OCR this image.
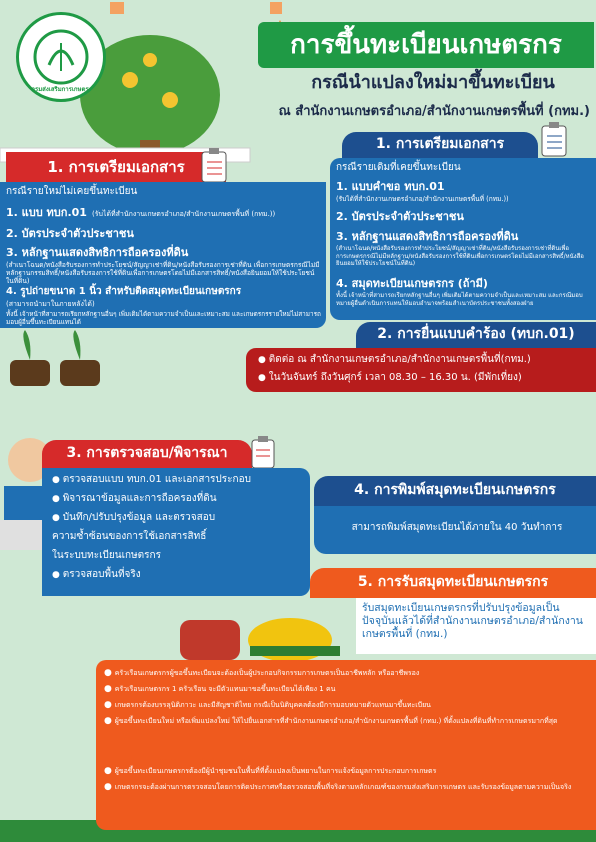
กรมส่งเสริมการเกษตร
การขึ้นทะเบียนเกษตรกร
กรณีนำแปลงใหม่มาขึ้นทะเบียน
ณ สำนักงานเกษตรอำเภอ/สำนักงานเกษตรพื้นที่ (กทม.)
1. การเตรียมเอกสาร
กรณีรายใหม่ไม่เคยขึ้นทะเบียน
1. แบบ ทบก.01 (รับได้ที่สำนักงานเกษตรอำเภอ/สำนักงานเกษตรพื้นที่ (กทม.))
2. บัตรประจำตัวประชาชน
3. หลักฐานแสดงสิทธิการถือครองที่ดิน
(สำเนาโฉนด/หนังสือรับรองการทำประโยชน์/สัญญาเช่าที่ดิน/หนังสือรับรองการเช่าที่ดิน เพื่อการเกษตรกรณีไม่มีหลักฐานกรรมสิทธิ์/หนังสือรับรองการใช้ที่ดินเพื่อการเกษตรโดยไม่มีเอกสารสิทธิ์/หนังสือยินยอมให้ใช้ประโยชน์ในที่ดิน)
4. รูปถ่ายขนาด 1 นิ้ว สำหรับติดสมุดทะเบียนเกษตรกร
(สามารถนำมาในภายหลังได้)
ทั้งนี้ เจ้าหน้าที่สามารถเรียกหลักฐานอื่นๆ เพิ่มเติมได้ตามความจำเป็นและเหมาะสม และเกษตรกรรายใหม่ไม่สามารถมอบผู้อื่นขึ้นทะเบียนแทนได้
1. การเตรียมเอกสาร
กรณีรายเดิมที่เคยขึ้นทะเบียน
1. แบบคำขอ ทบก.01
(รับได้ที่สำนักงานเกษตรอำเภอ/สำนักงานเกษตรพื้นที่ (กทม.))
2. บัตรประจำตัวประชาชน
3. หลักฐานแสดงสิทธิการถือครองที่ดิน
(สำเนาโฉนด/หนังสือรับรองการทำประโยชน์/สัญญาเช่าที่ดิน/หนังสือรับรองการเช่าที่ดินเพื่อการเกษตรกรณีไม่มีหลักฐาน/หนังสือรับรองการใช้ที่ดินเพื่อการเกษตรโดยไม่มีเอกสารสิทธิ์/หนังสือยินยอมให้ใช้ประโยชน์ในที่ดิน)
4. สมุดทะเบียนเกษตรกร (ถ้ามี)
ทั้งนี้ เจ้าหน้าที่สามารถเรียกหลักฐานอื่นๆ เพิ่มเติมได้ตามความจำเป็นและเหมาะสม และกรณีมอบหมายผู้อื่นดำเนินการแทนให้มอบอำนาจพร้อมสำเนาบัตรประชาชนทั้งสองฝ่าย
2. การยื่นแบบคำร้อง (ทบก.01)
● ติดต่อ ณ สำนักงานเกษตรอำเภอ/สำนักงานเกษตรพื้นที่(กทม.)
● ในวันจันทร์ ถึงวันศุกร์ เวลา 08.30 – 16.30 น. (มีพักเที่ยง)
3. การตรวจสอบ/พิจารณา
● ตรวจสอบแบบ ทบก.01 และเอกสารประกอบ
● พิจารณาข้อมูลและการถือครองที่ดิน
● บันทึก/ปรับปรุงข้อมูล และตรวจสอบ
ความซ้ำซ้อนของการใช้เอกสารสิทธิ์
ในระบบทะเบียนเกษตรกร
● ตรวจสอบพื้นที่จริง
4. การพิมพ์สมุดทะเบียนเกษตรกร
สามารถพิมพ์สมุดทะเบียนได้ภายใน 40 วันทำการ
5. การรับสมุดทะเบียนเกษตรกร
รับสมุดทะเบียนเกษตรกรที่ปรับปรุงข้อมูลเป็นปัจจุบันแล้วได้ที่สำนักงานเกษตรอำเภอ/สำนักงานเกษตรพื้นที่ (กทม.)
● ครัวเรือนเกษตรกรผู้ขอขึ้นทะเบียนจะต้องเป็นผู้ประกอบกิจกรรมการเกษตรเป็นอาชีพหลัก หรืออาชีพรอง
● ครัวเรือนเกษตรกร 1 ครัวเรือน จะมีตัวแทนมาขอขึ้นทะเบียนได้เพียง 1 คน
● เกษตรกรต้องบรรลุนิติภาวะ และมีสัญชาติไทย กรณีเป็นนิติบุคคลต้องมีการมอบหมายตัวแทนมาขึ้นทะเบียน
● ผู้ขอขึ้นทะเบียนใหม่ หรือเพิ่มแปลงใหม่ ให้ไปยื่นเอกสารที่สำนักงานเกษตรอำเภอ/สำนักงานเกษตรพื้นที่ (กทม.) ที่ตั้งแปลงที่ดินที่ทำการเกษตรมากที่สุด
● ผู้ขอขึ้นทะเบียนเกษตรกรต้องมีผู้นำชุมชนในพื้นที่ที่ตั้งแปลงเป็นพยานในการแจ้งข้อมูลการประกอบการเกษตร
● เกษตรกรจะต้องผ่านการตรวจสอบโดยการติดประกาศหรือตรวจสอบพื้นที่จริงตามหลักเกณฑ์ของกรมส่งเสริมการเกษตร และรับรองข้อมูลตามความเป็นจริง
